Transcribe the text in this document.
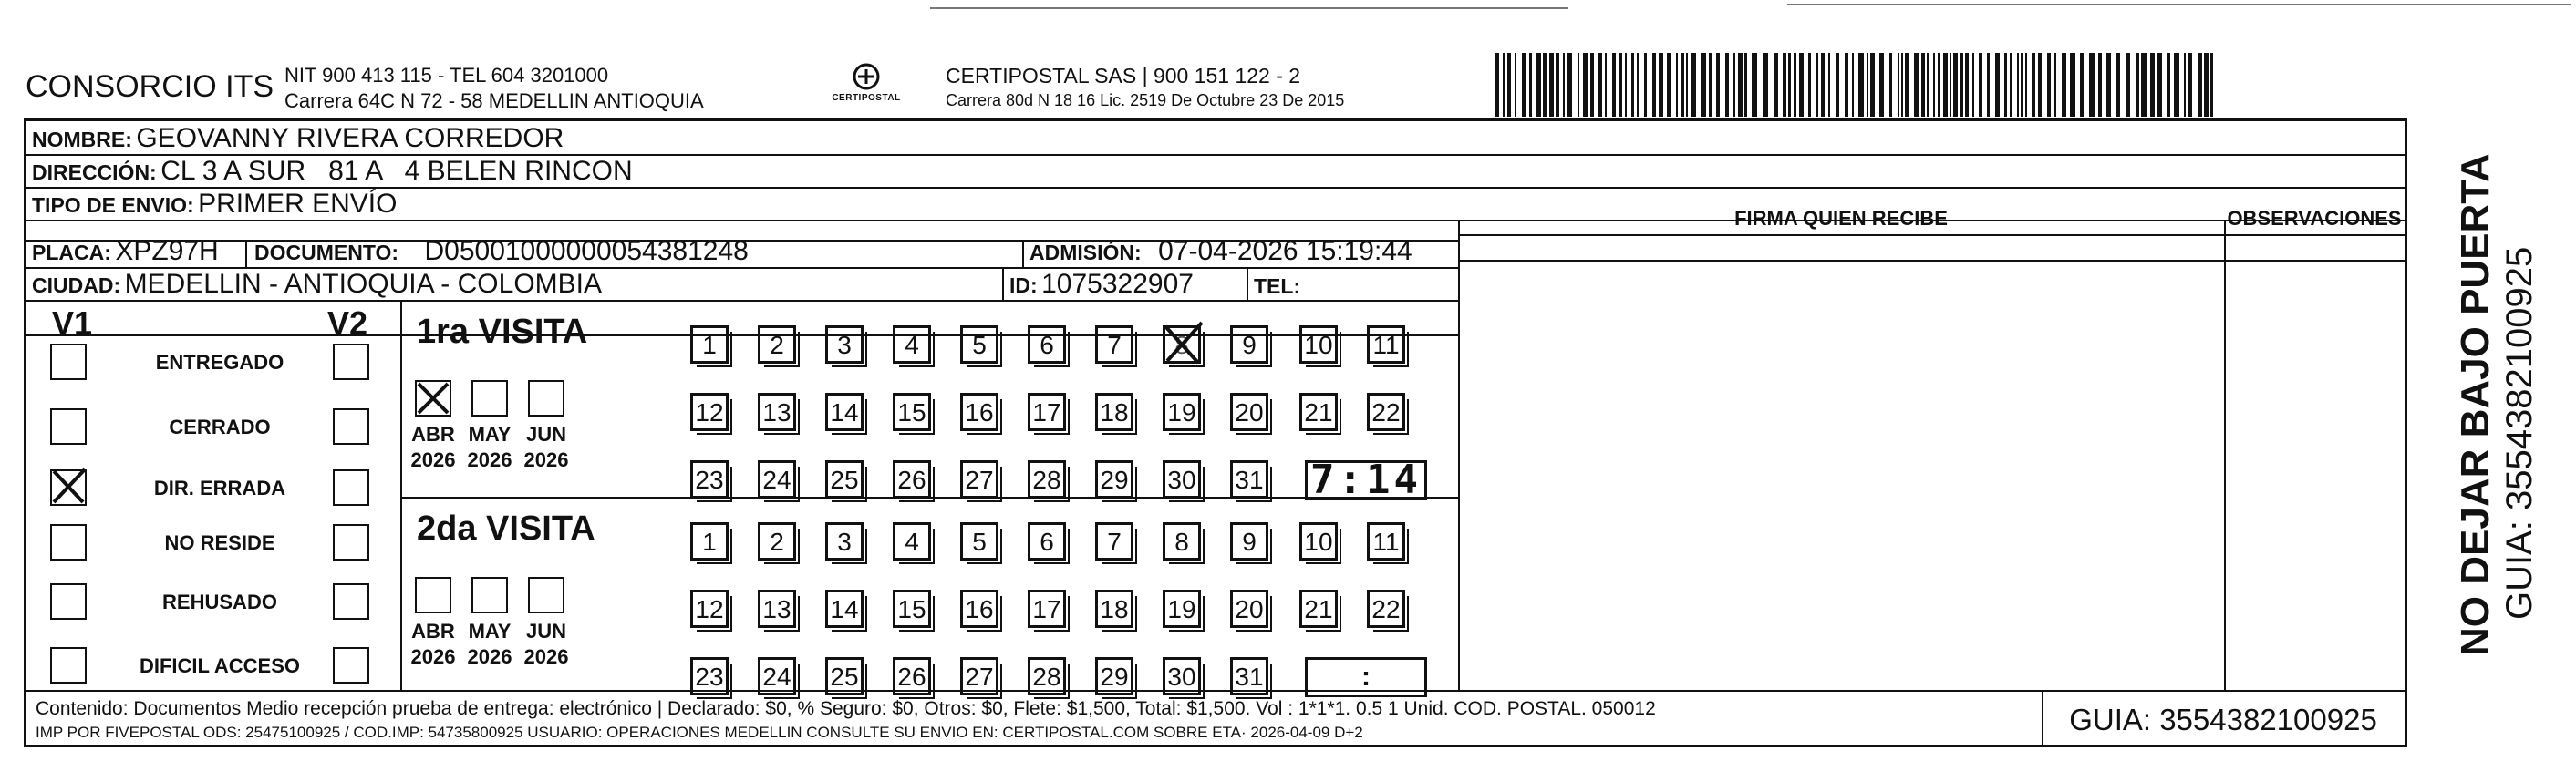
CONSORCIO ITS NIT 900 413 115 - TEL 604 3201000
Carrera 64C N 72 - 58 MEDELLIN ANTIOQUIA	CERTIPOSTAL
CERTIPOSTAL SAS | 900 151 122 - 2
Carrera 80d N 18 16 Lic. 2519 De Octubre 23 De 2015
NOMBRE: GEOVANNY RIVERA CORREDOR
DIRECCIÓN: CL 3 A SUR   81 A   4 BELEN RINCON
TIPO DE ENVIO: PRIMER ENVÍO	FIRMA QUIEN RECIBE	OBSERVACIONES
PLACA: XPZ97H DOCUMENTO: D05001000000054381248	ADMISIÓN: 07-04-2026 15:19:44
CIUDAD: MEDELLIN - ANTIOQUIA - COLOMBIA	ID: 1075322907	TEL:
V1	V2
ENTREGADO
CERRADO
DIR. ERRADA
NO RESIDE
REHUSADO
DIFICIL ACCESO
1ra VISITA
ABR
2026
MAY
2026
JUN
2026
1	2	3	4	5	6	7	8	9	10 11
12 13 14 15 16 17 18 19 20 21 22
23 24 25 26 27 28 29 30 31 7:14
2da VISITA
ABR
2026
MAY
2026
JUN
2026
1	2	3	4	5	6	7	8	9	10 11
12 13 14 15 16 17 18 19 20 21 22
23 24 25 26 27 28 29 30 31	:
Contenido: Documentos Medio recepción prueba de entrega: electrónico | Declarado: $0, % Seguro: $0, Otros: $0, Flete: $1,500, Total: $1,500. Vol : 1*1*1. 0.5 1 Unid. COD. POSTAL. 050012
IMP POR FIVEPOSTAL ODS: 25475100925 / COD.IMP: 54735800925 USUARIO: OPERACIONES MEDELLIN CONSULTE SU ENVIO EN: CERTIPOSTAL.COM SOBRE ETA· 2026-04-09 D+2	GUIA: 3554382100925
NO DEJAR BAJO PUERTA GUIA: 3554382100925
